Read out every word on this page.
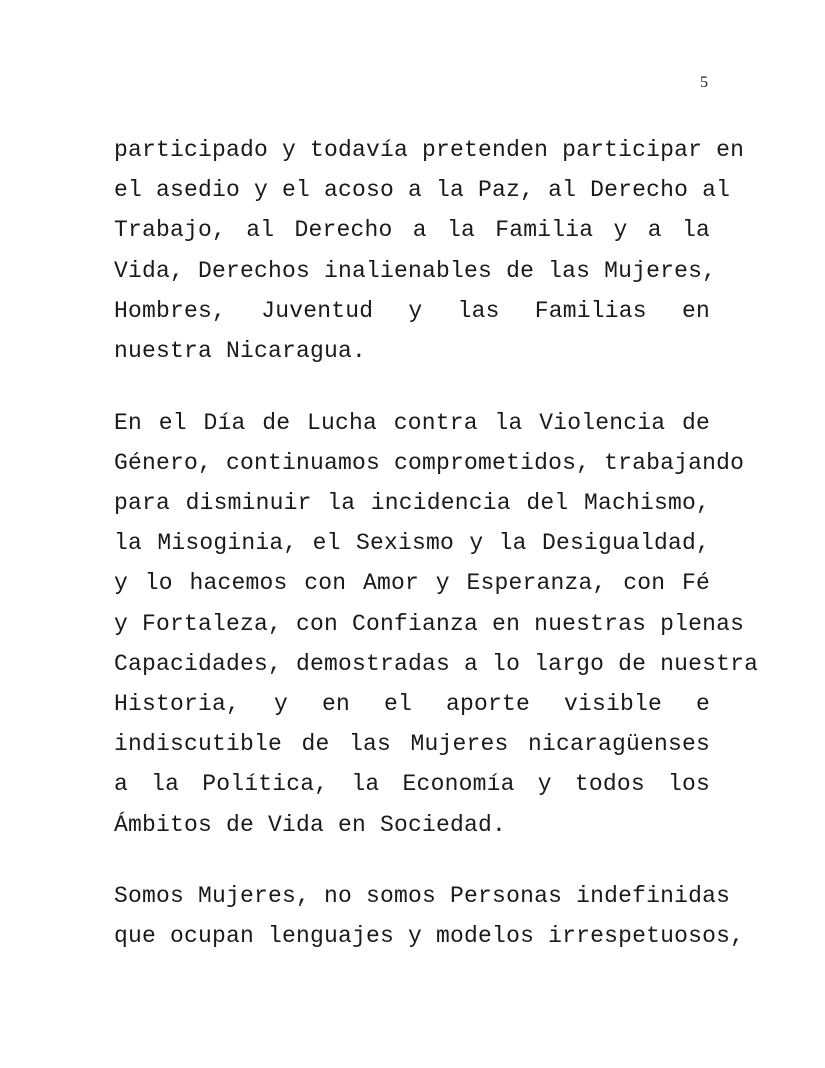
5
participado y todavía pretenden participar en
el asedio y el acoso a la Paz, al Derecho al
Trabajo, al Derecho a la Familia y a la
Vida, Derechos inalienables de las Mujeres,
Hombres, Juventud y las Familias en
nuestra Nicaragua.
En el Día de Lucha contra la Violencia de
Género, continuamos comprometidos, trabajando
para disminuir la incidencia del Machismo,
la Misoginia, el Sexismo y la Desigualdad,
y lo hacemos con Amor y Esperanza, con Fé
y Fortaleza, con Confianza en nuestras plenas
Capacidades, demostradas a lo largo de nuestra
Historia, y en el aporte visible e
indiscutible de las Mujeres nicaragüenses
a la Política, la Economía y todos los
Ámbitos de Vida en Sociedad.
Somos Mujeres, no somos Personas indefinidas
que ocupan lenguajes y modelos irrespetuosos,
